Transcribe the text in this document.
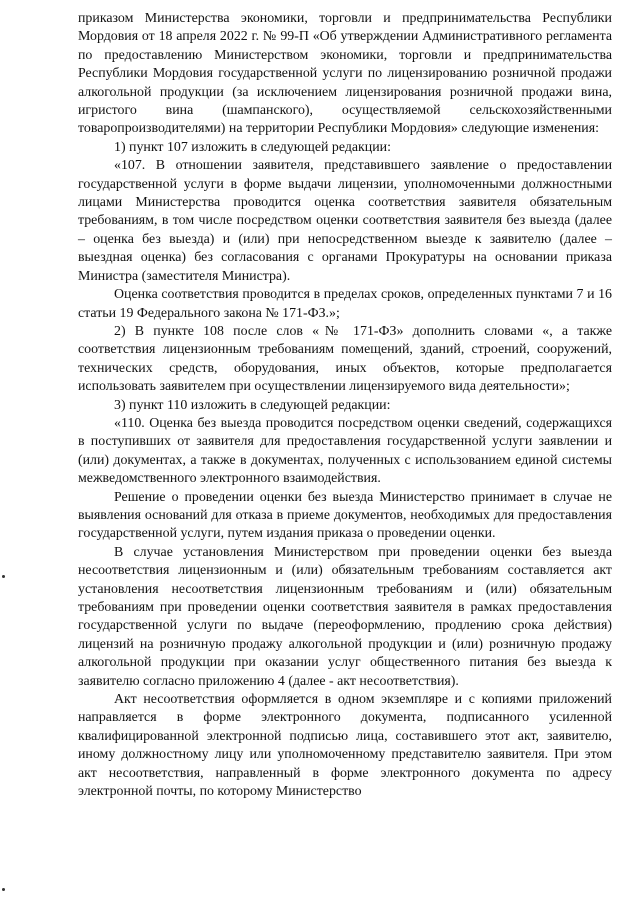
приказом Министерства экономики, торговли и предпринимательства Республики Мордовия от 18 апреля 2022 г. № 99-П «Об утверждении Административного регламента по предоставлению Министерством экономики, торговли и предпринимательства Республики Мордовия государственной услуги по лицензированию розничной продажи алкогольной продукции (за исключением лицензирования розничной продажи вина, игристого вина (шампанского), осуществляемой сельскохозяйственными товаропроизводителями) на территории Республики Мордовия» следующие изменения:

1) пункт 107 изложить в следующей редакции:

«107. В отношении заявителя, представившего заявление о предоставлении государственной услуги в форме выдачи лицензии, уполномоченными должностными лицами Министерства проводится оценка соответствия заявителя обязательным требованиям, в том числе посредством оценки соответствия заявителя без выезда (далее – оценка без выезда) и (или) при непосредственном выезде к заявителю (далее – выездная оценка) без согласования с органами Прокуратуры на основании приказа Министра (заместителя Министра).

Оценка соответствия проводится в пределах сроков, определенных пунктами 7 и 16 статьи 19 Федерального закона № 171-ФЗ.»;

2) В пункте 108 после слов «№ 171-ФЗ» дополнить словами «, а также соответствия лицензионным требованиям помещений, зданий, строений, сооружений, технических средств, оборудования, иных объектов, которые предполагается использовать заявителем при осуществлении лицензируемого вида деятельности»;

3) пункт 110 изложить в следующей редакции:

«110. Оценка без выезда проводится посредством оценки сведений, содержащихся в поступивших от заявителя для предоставления государственной услуги заявлении и (или) документах, а также в документах, полученных с использованием единой системы межведомственного электронного взаимодействия.

Решение о проведении оценки без выезда Министерство принимает в случае не выявления оснований для отказа в приеме документов, необходимых для предоставления государственной услуги, путем издания приказа о проведении оценки.

В случае установления Министерством при проведении оценки без выезда несоответствия лицензионным и (или) обязательным требованиям составляется акт установления несоответствия лицензионным требованиям и (или) обязательным требованиям при проведении оценки соответствия заявителя в рамках предоставления государственной услуги по выдаче (переоформлению, продлению срока действия) лицензий на розничную продажу алкогольной продукции и (или) розничную продажу алкогольной продукции при оказании услуг общественного питания без выезда к заявителю согласно приложению 4 (далее - акт несоответствия).

Акт несоответствия оформляется в одном экземпляре и с копиями приложений направляется в форме электронного документа, подписанного усиленной квалифицированной электронной подписью лица, составившего этот акт, заявителю, иному должностному лицу или уполномоченному представителю заявителя. При этом акт несоответствия, направленный в форме электронного документа по адресу электронной почты, по которому Министерство
